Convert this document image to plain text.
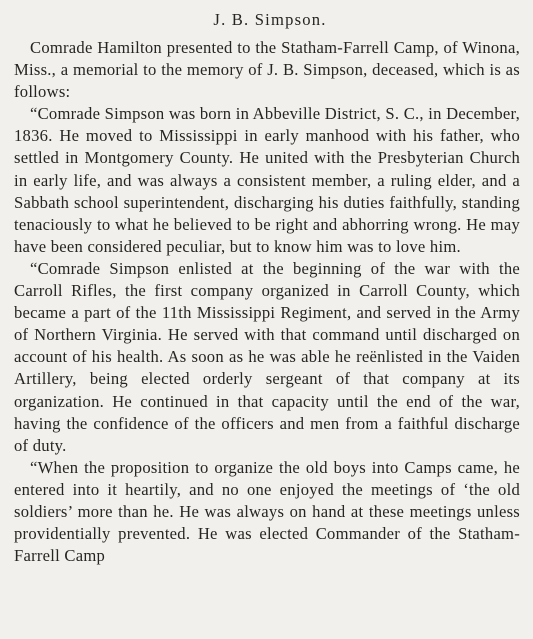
J. B. Simpson.

Comrade Hamilton presented to the Statham-Farrell Camp, of Winona, Miss., a memorial to the memory of J. B. Simpson, deceased, which is as follows:

“Comrade Simpson was born in Abbeville District, S. C., in December, 1836. He moved to Mississippi in early manhood with his father, who settled in Montgomery County. He united with the Presbyterian Church in early life, and was always a consistent member, a ruling elder, and a Sabbath school superintendent, discharging his duties faithfully, standing tenaciously to what he believed to be right and abhorring wrong. He may have been considered peculiar, but to know him was to love him.

“Comrade Simpson enlisted at the beginning of the war with the Carroll Rifles, the first company organized in Carroll County, which became a part of the 11th Mississippi Regiment, and served in the Army of Northern Virginia. He served with that command until discharged on account of his health. As soon as he was able he reënlisted in the Vaiden Artillery, being elected orderly sergeant of that company at its organization. He continued in that capacity until the end of the war, having the confidence of the officers and men from a faithful discharge of duty.

“When the proposition to organize the old boys into Camps came, he entered into it heartily, and no one enjoyed the meetings of ‘the old soldiers’ more than he. He was always on hand at these meetings unless providentially prevented. He was elected Commander of the Statham-Farrell Camp
